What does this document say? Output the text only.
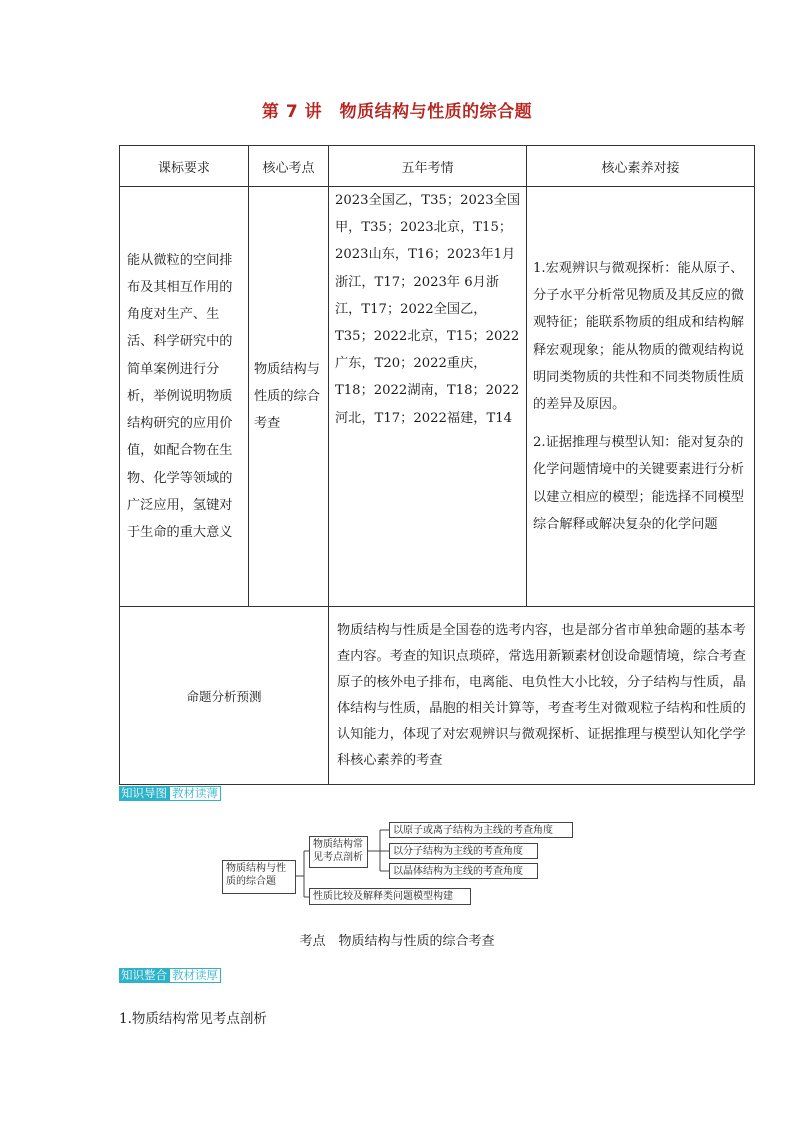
第 7 讲　物质结构与性质的综合题
课标要求	核心考点	五年考情	核心素养对接
能从微粒的空间排布及其相互作用的角度对生产、生活、科学研究中的简单案例进行分析，举例说明物质结构研究的应用价值，如配合物在生物、化学等领域的广泛应用，氢键对于生命的重大意义	物质结构与性质的综合考查	2023全国乙，T35；2023全国甲，T35；2023北京，T15；2023山东，T16；2023年1月浙江，T17；2023年 6月浙江，T17；2022全国乙，T35；2022北京，T15；2022广东，T20；2022重庆，T18；2022湖南，T18；2022河北，T17；2022福建，T14	1.宏观辨识与微观探析：能从原子、分子水平分析常见物质及其反应的微观特征；能联系物质的组成和结构解释宏观现象；能从物质的微观结构说明同类物质的共性和不同类物质性质的差异及原因。

2.证据推理与模型认知：能对复杂的化学问题情境中的关键要素进行分析以建立相应的模型；能选择不同模型综合解释或解决复杂的化学问题

命题分析预测		物质结构与性质是全国卷的选考内容，也是部分省市单独命题的基本考查内容。考查的知识点琐碎，常选用新颖素材创设命题情境，综合考查原子的核外电子排布，电离能、电负性大小比较，分子结构与性质，晶体结构与性质，晶胞的相关计算等，考查考生对微观粒子结构和性质的认知能力，体现了对宏观辨识与微观探析、证据推理与模型认知化学学科核心素养的考查	
知识导图 教材读薄
物质结构与性质的综合题
物质结构常见考点剖析
以原子或离子结构为主线的考查角度
以分子结构为主线的考查角度
以晶体结构为主线的考查角度
性质比较及解释类问题模型构建
考点　物质结构与性质的综合考查
知识整合 教材读厚
1.物质结构常见考点剖析
